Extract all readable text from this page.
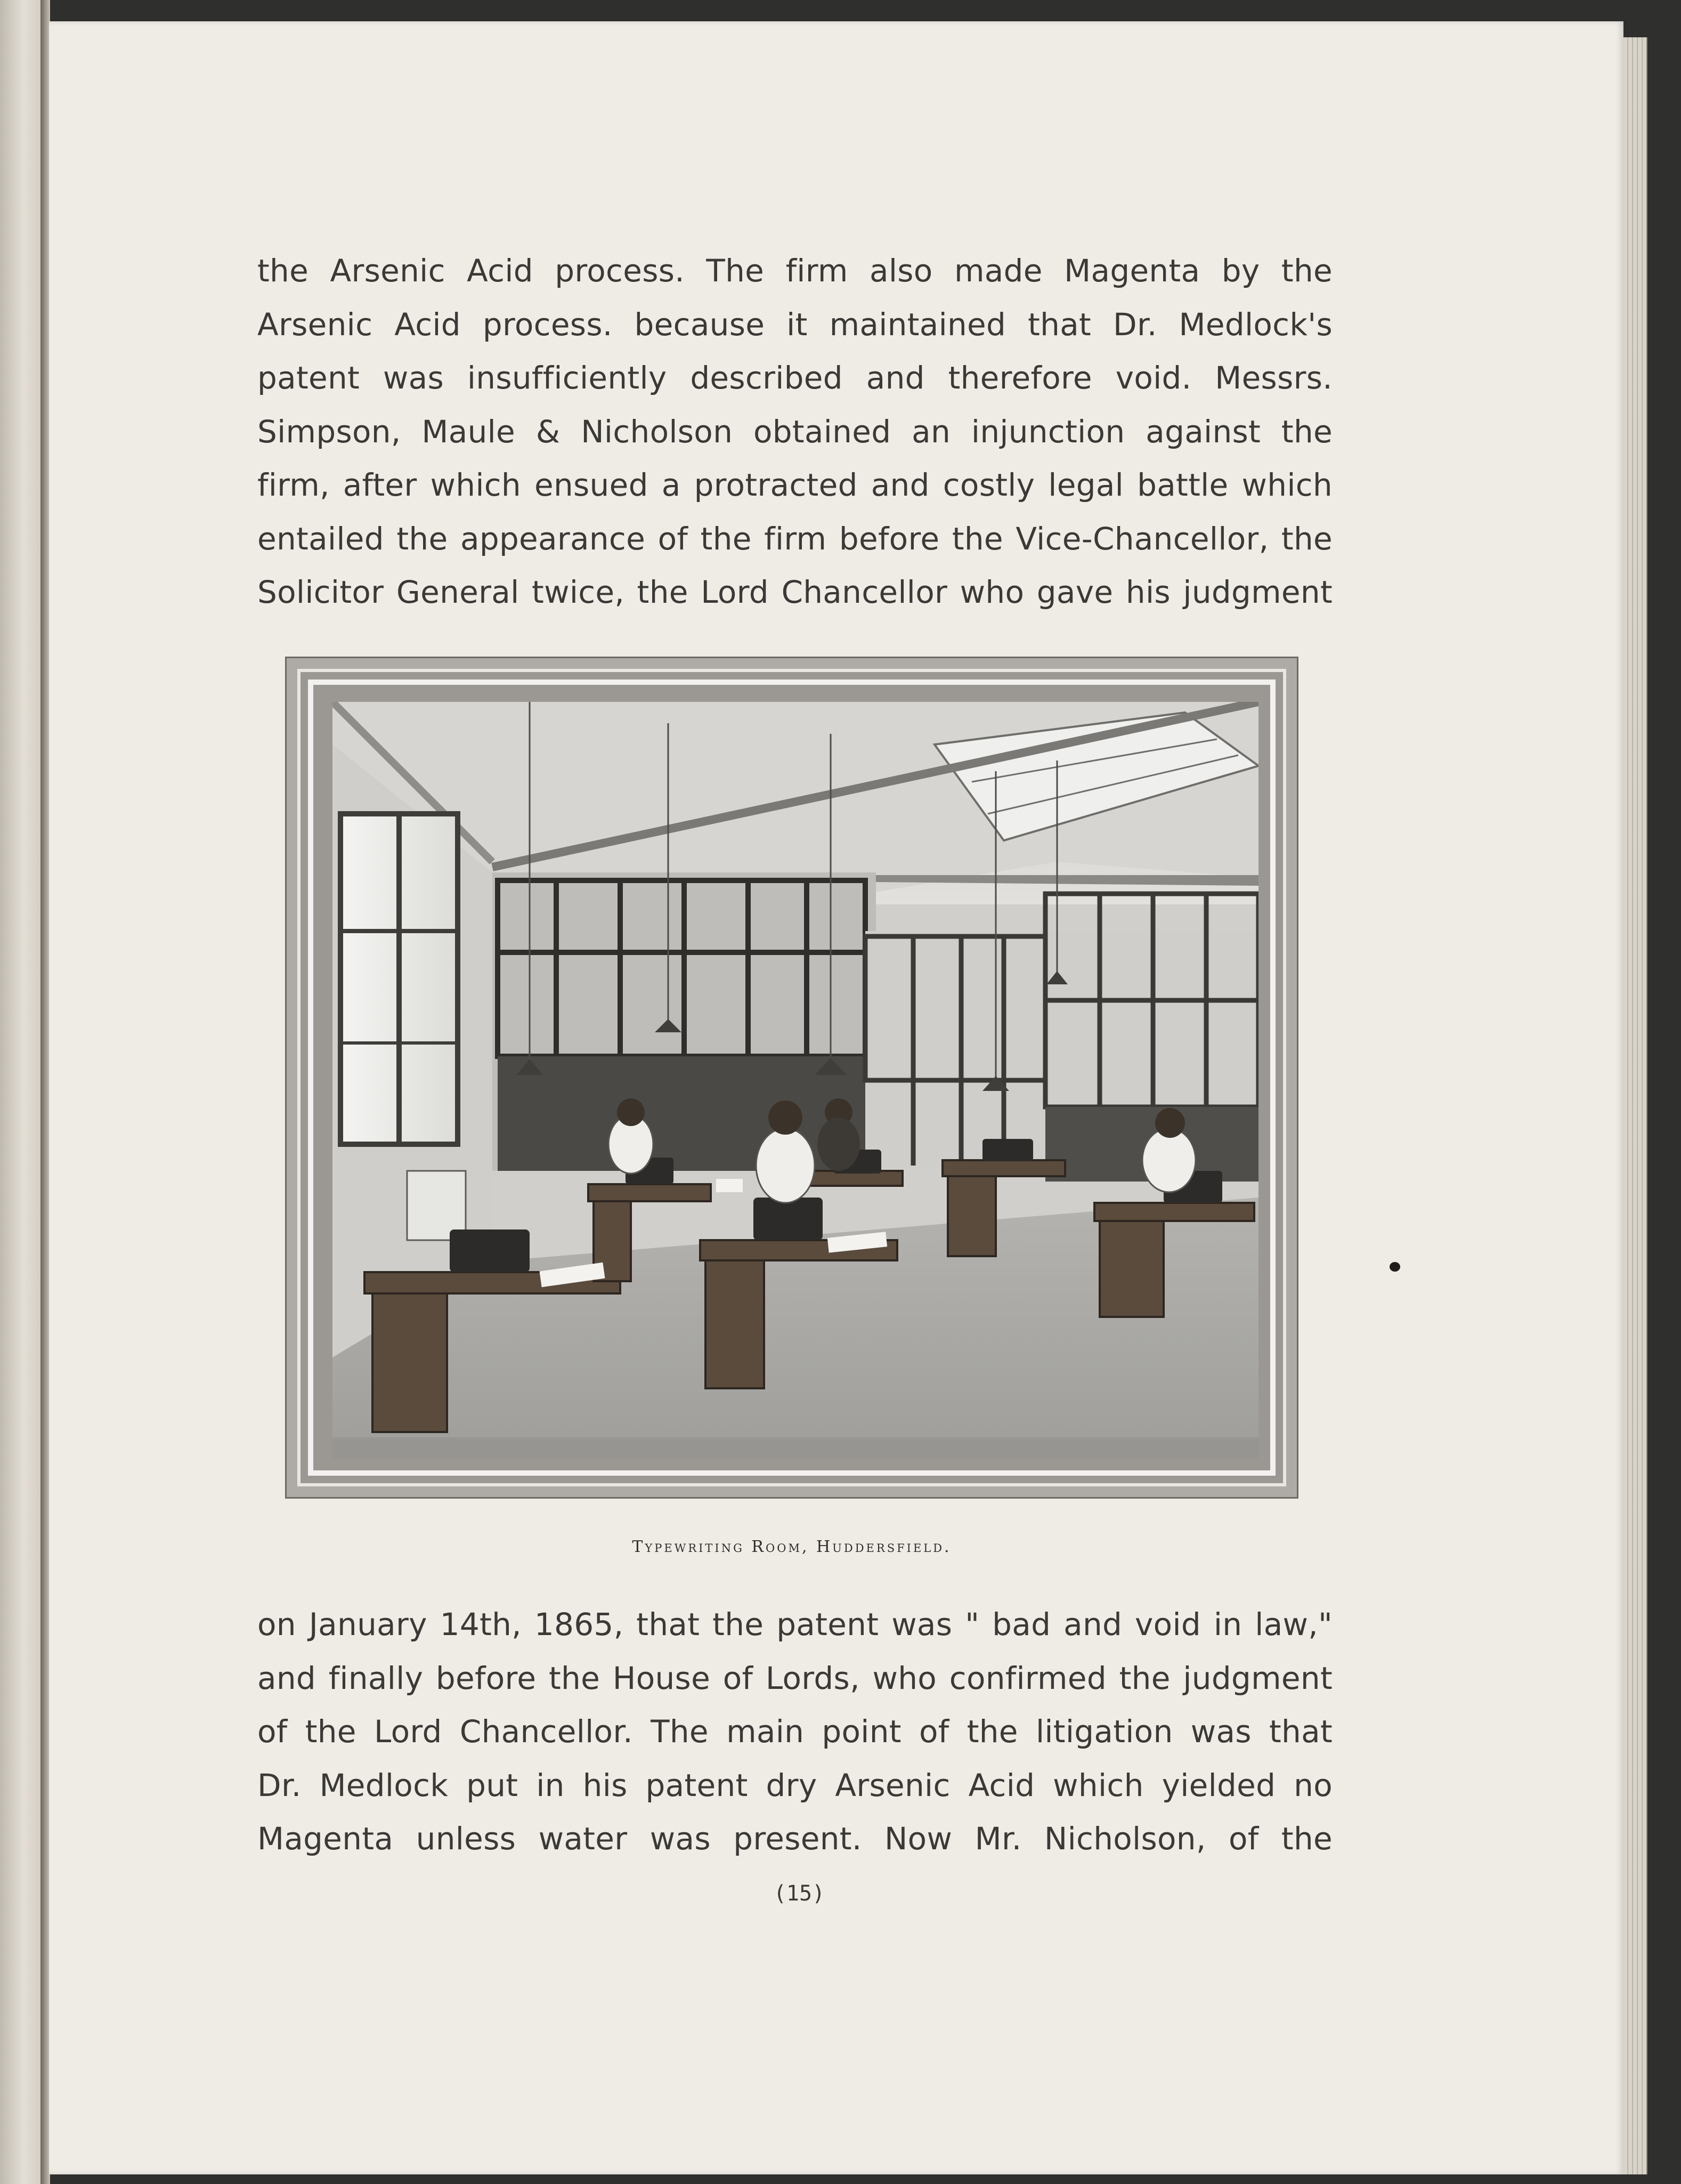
the Arsenic Acid process. The firm also made Magenta by the
Arsenic Acid process. because it maintained that Dr. Medlock's
patent was insufficiently described and therefore void. Messrs.
Simpson, Maule & Nicholson obtained an injunction against the
firm, after which ensued a protracted and costly legal battle which
entailed the appearance of the firm before the Vice-Chancellor, the
Solicitor General twice, the Lord Chancellor who gave his judgment
Typewriting Room, Huddersfield.
on January 14th, 1865, that the patent was " bad and void in law,"
and finally before the House of Lords, who confirmed the judgment
of the Lord Chancellor. The main point of the litigation was that
Dr. Medlock put in his patent dry Arsenic Acid which yielded no
Magenta unless water was present. Now Mr. Nicholson, of the
(15)
